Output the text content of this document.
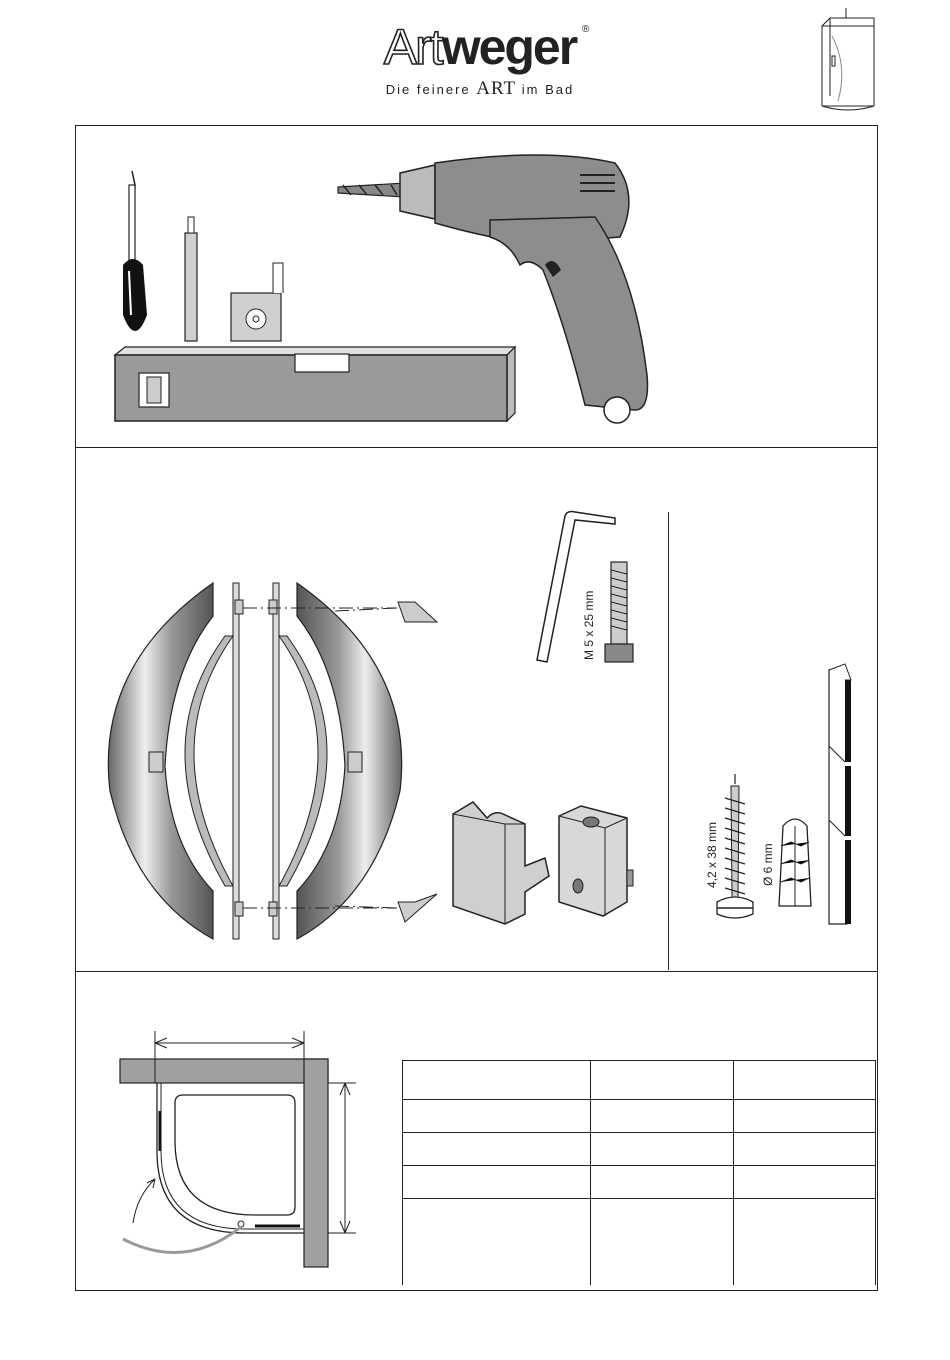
Artweger ®
Die feinere ART im Bad
M 5 x 25 mm
4,2 x 38 mm	Ø 6 mm
